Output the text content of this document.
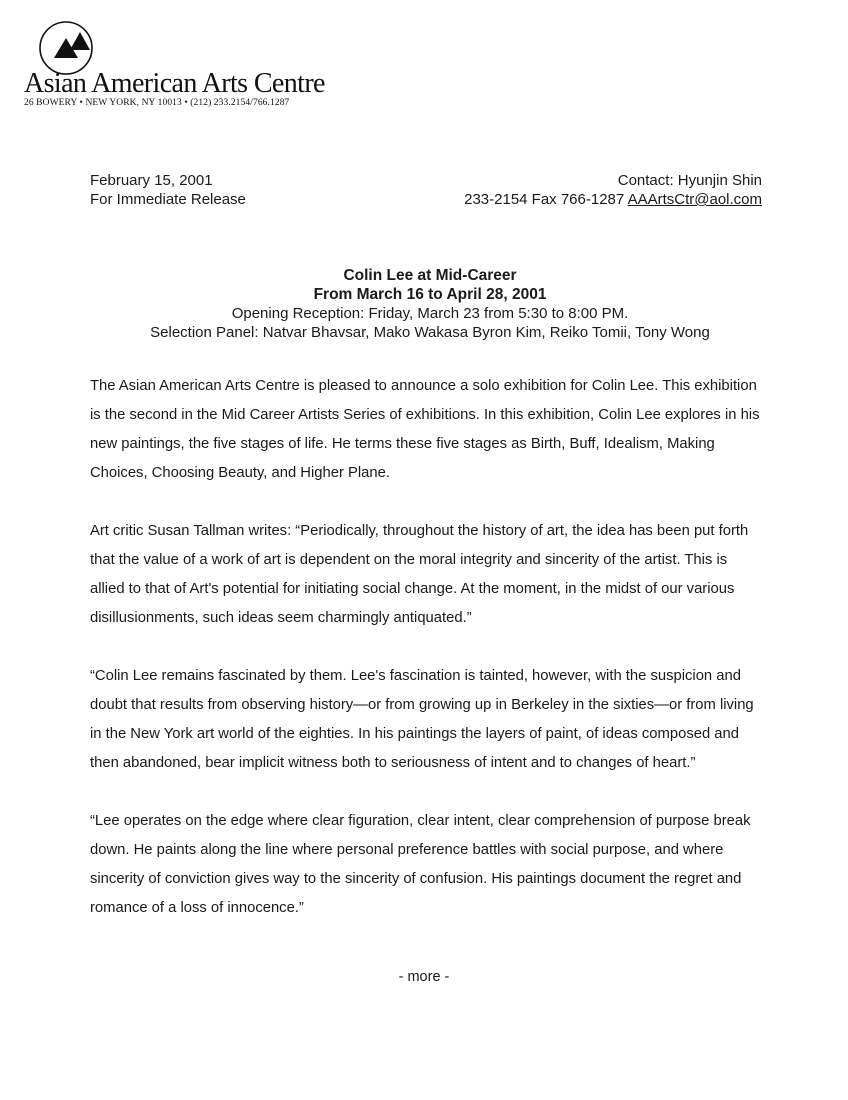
Asian American Arts Centre
26 BOWERY • NEW YORK, NY 10013 • (212) 233.2154/766.1287
February 15, 2001
For Immediate Release
Contact: Hyunjin Shin
233-2154 Fax 766-1287 AAArtsCtr@aol.com
Colin Lee at Mid-Career
From March 16 to April 28, 2001
Opening Reception: Friday, March 23 from 5:30 to 8:00 PM.
Selection Panel: Natvar Bhavsar, Mako Wakasa Byron Kim, Reiko Tomii, Tony Wong

The Asian American Arts Centre is pleased to announce a solo exhibition for Colin Lee. This exhibition is the second in the Mid Career Artists Series of exhibitions. In this exhibition, Colin Lee explores in his new paintings, the five stages of life. He terms these five stages as Birth, Buff, Idealism, Making Choices, Choosing Beauty, and Higher Plane.

Art critic Susan Tallman writes: “Periodically, throughout the history of art, the idea has been put forth that the value of a work of art is dependent on the moral integrity and sincerity of the artist. This is allied to that of Art's potential for initiating social change. At the moment, in the midst of our various disillusionments, such ideas seem charmingly antiquated.”

“Colin Lee remains fascinated by them. Lee's fascination is tainted, however, with the suspicion and doubt that results from observing history—or from growing up in Berkeley in the sixties—or from living in the New York art world of the eighties. In his paintings the layers of paint, of ideas composed and then abandoned, bear implicit witness both to seriousness of intent and to changes of heart.”

“Lee operates on the edge where clear figuration, clear intent, clear comprehension of purpose break down. He paints along the line where personal preference battles with social purpose, and where sincerity of conviction gives way to the sincerity of confusion. His paintings document the regret and romance of a loss of innocence.”

- more -
